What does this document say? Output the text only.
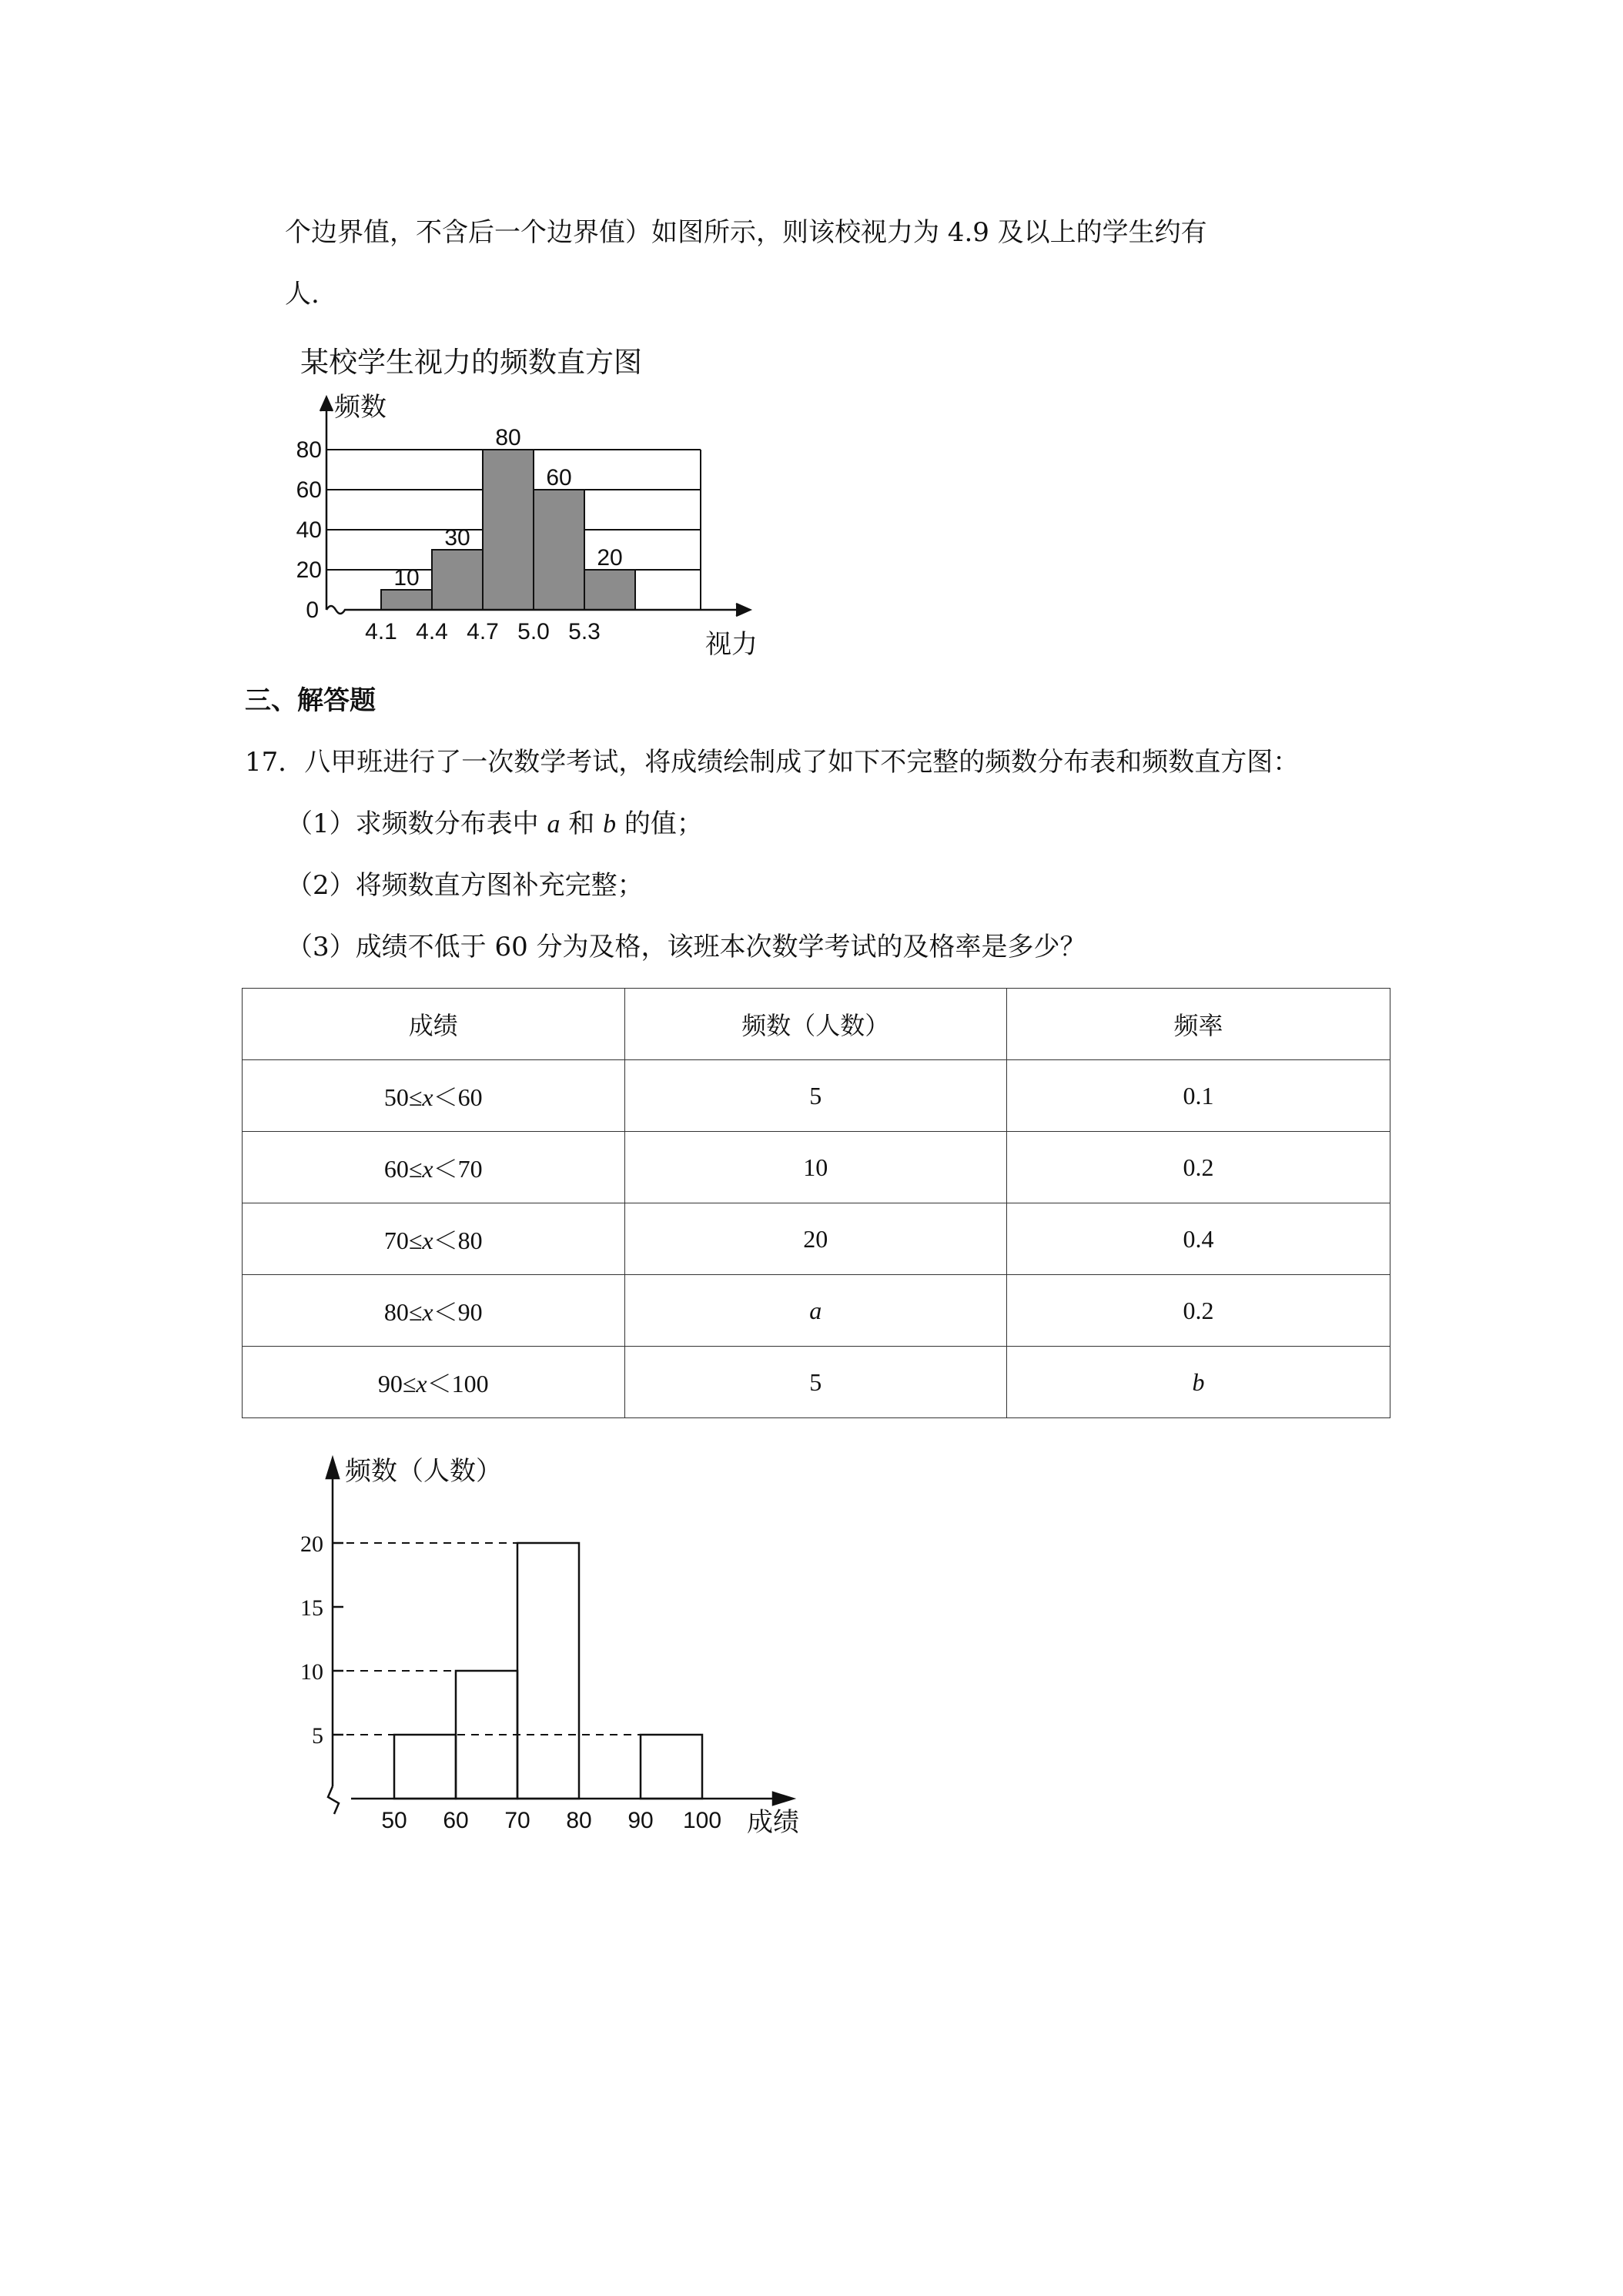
个边界值，不含后一个边界值）如图所示，则该校视力为 4.9 及以上的学生约有
人.
某校学生视力的频数直方图
10
30
80
60
20
0
20
40
60
80
4.1 4.4 4.7 5.0 5.3
频数
视力
三、解答题
17．八甲班进行了一次数学考试，将成绩绘制成了如下不完整的频数分布表和频数直方图：
（1）求频数分布表中 a 和 b 的值；
（2）将频数直方图补充完整；
（3）成绩不低于 60 分为及格，该班本次数学考试的及格率是多少？
成绩	频数（人数）	频率
50≤x＜60	5	0.1
60≤x＜70	10	0.2
70≤x＜80	20	0.4
80≤x＜90	a	0.2
90≤x＜100	5	b
5
10
15
20
50 60 70 80 90 100
频数（人数）
成绩
